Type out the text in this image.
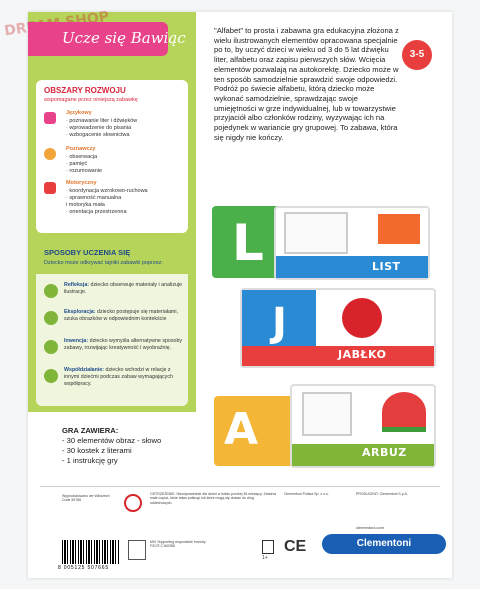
SHOP
Ucze się Bawiąc
OBSZARY ROZWOJU
wspomagane przez niniejszą zabawkę
Językowy
· poznawanie liter i dźwięków
· wprowadzenie do pisania
· wzbogacenie słownictwa
Poznawczy
· obserwacja
· pamięć
· rozumowanie
Motoryczny
· koordynacja wzrokowo-ruchowa
· sprawność manualna
i motoryka mała
· orientacja przestrzenna
SPOSOBY UCZENIA SIĘ
Dziecko może odkrywać tajniki zabawki poprzez:
Refleksja: dziecko obserwuje materiały i analizuje ilustracje.
Eksploracja: dziecko postępuje się materiałami, szuka obrazków w odpowiednim kontekście
Inwencja: dziecko wymyśla alternatywne sposoby zabawy, rozwijając kreatywność i wyobraźnię.
Współdziałanie: dziecko wchodzi w relacje z innymi dziećmi podczas zabaw wymagających współpracy.
"Alfabet" to prosta i zabawna gra edukacyjna złożona z wielu ilustrowanych elementów opracowana specjalnie po to, by uczyć dzieci w wieku od 3 do 5 lat dźwięku liter, alfabetu oraz zapisu pierwszych słów. Wcięcia elementów pozwalają na autokorektę. Dziecko może w ten sposób samodzielnie sprawdzić swoje odpowiedzi. Podróż po świecie alfabetu, którą dziecko może wykonać samodzielnie, sprawdzając swoje umiejętności w grze indywidualnej, lub w towarzystwie przyjaciół albo członków rodziny, wyzywając ich na pojedynek w wariancie gry grupowej. To zabawa, która się nigdy nie kończy.
3-5
L	LIST
J
JABŁKO
A	ARBUZ
GRA ZAWIERA:
- 30 elementów obraz - słowo
- 30 kostek z literami
- 1 instrukcję gry
Wyprodukowano we Włoszech
Code 50766
OSTRZEŻENIE. Nieodpowiednie dla dzieci w wieku poniżej 36 miesięcy. Zawiera małe części, które łatwo połknąć lub które mogą się dostać do dróg oddechowych.
Clementoni Polska Sp. z o.o.	PRODUCENT: Clementoni S.p.A.
MIX Supporting responsible forestry FSC® C160358
1+
CE
8 005125 507665
Clementoni
clementoni.com
